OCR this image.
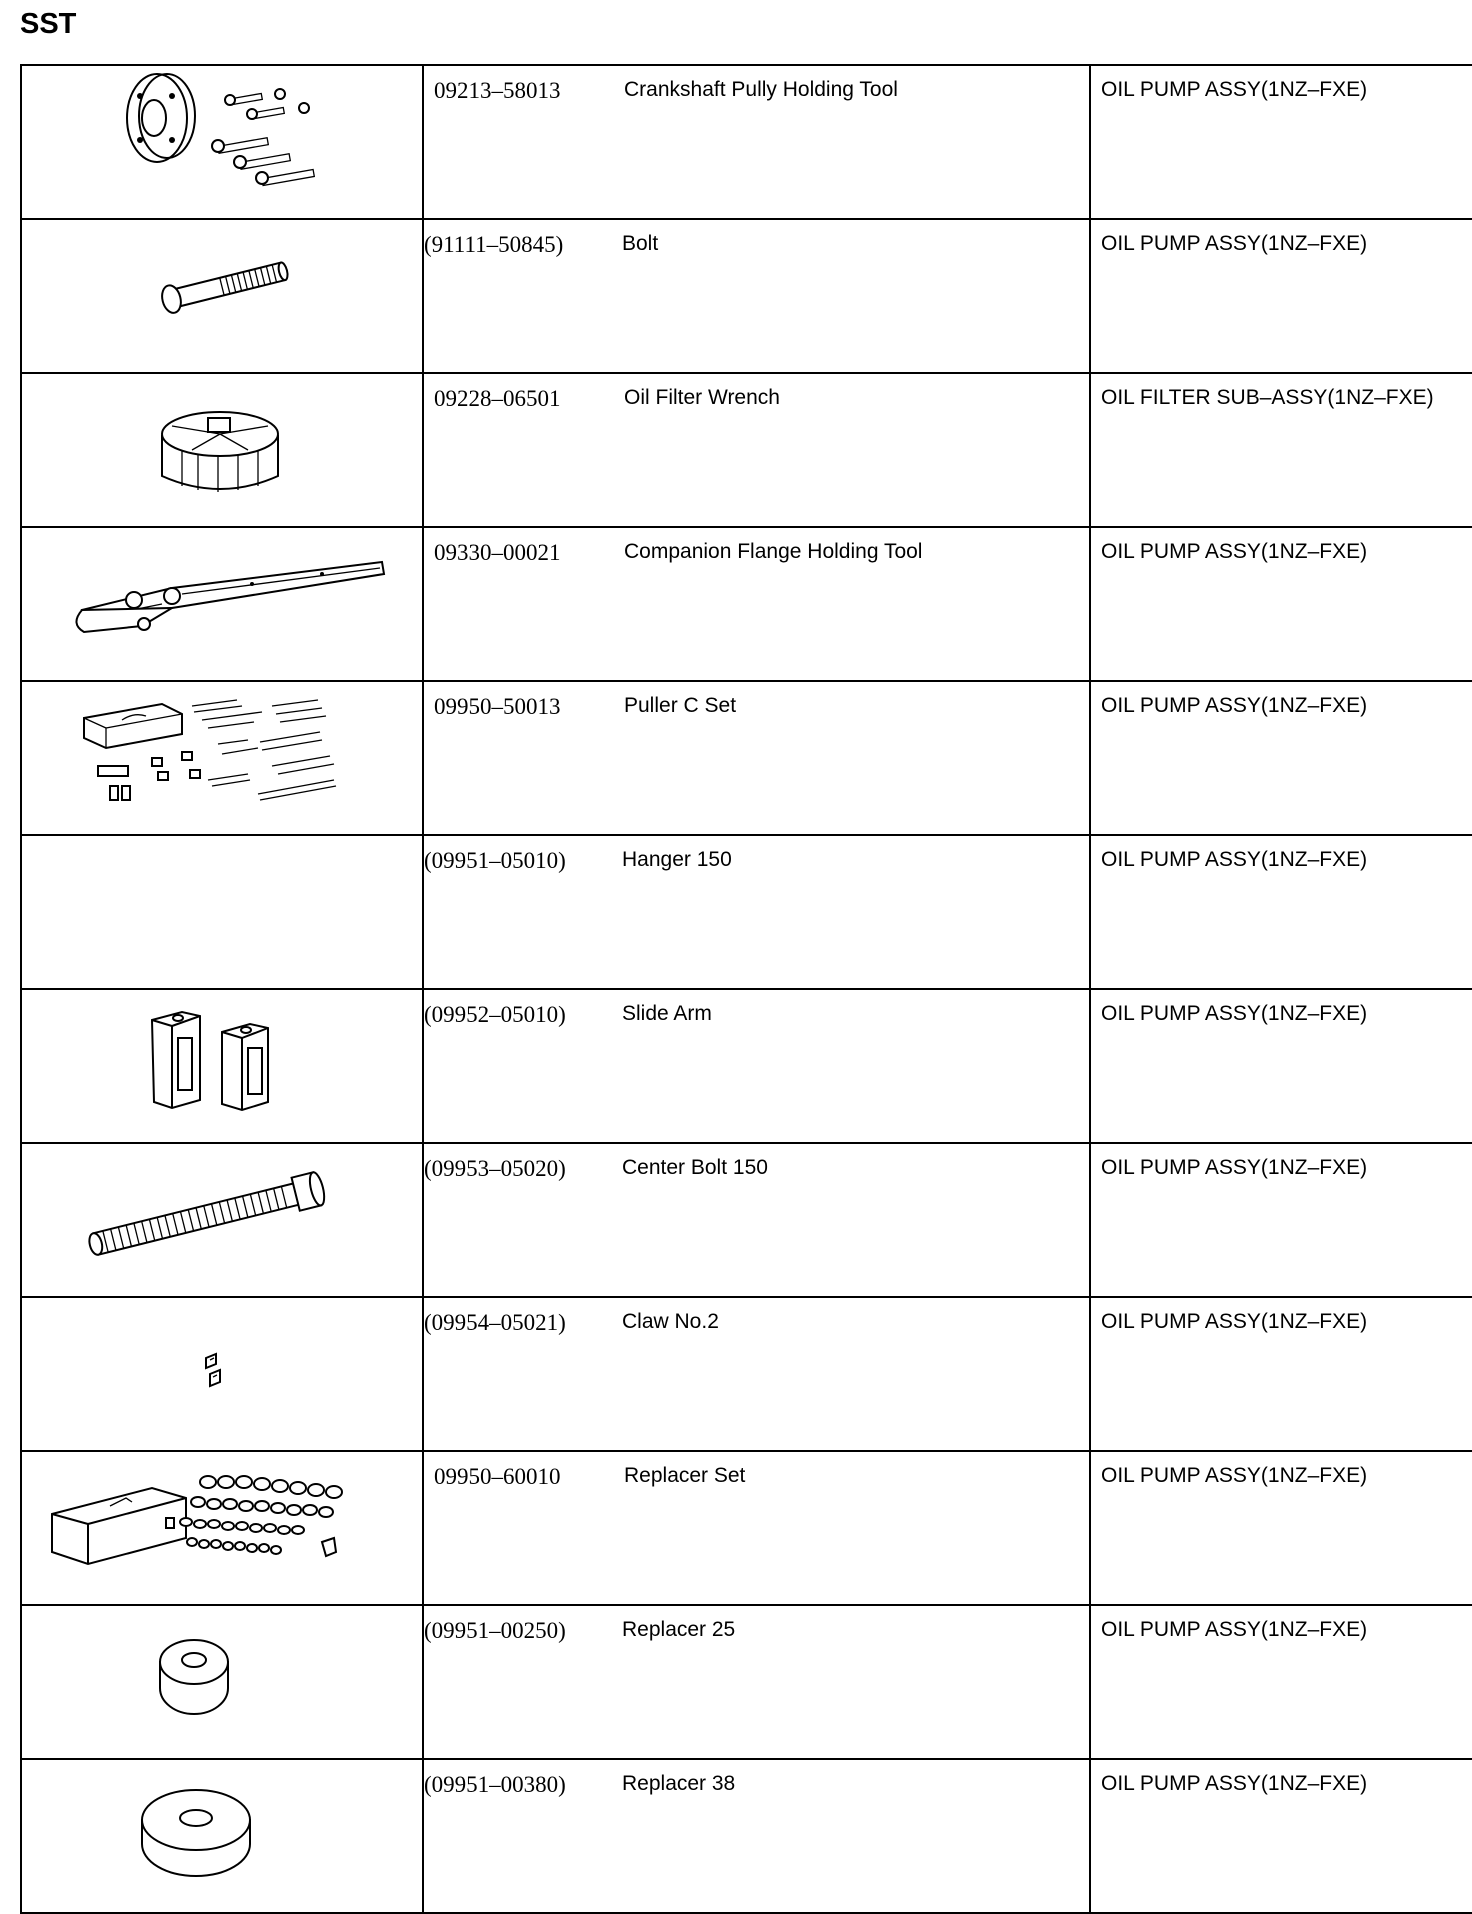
SST

09213–58013 Crankshaft Pully Holding Tool	OIL PUMP ASSY(1NZ–FXE)

(91111–50845) Bolt	OIL PUMP ASSY(1NZ–FXE)

09228–06501 Oil Filter Wrench	OIL FILTER SUB–ASSY(1NZ–FXE)

09330–00021 Companion Flange Holding Tool	OIL PUMP ASSY(1NZ–FXE)

09950–50013 Puller C Set	OIL PUMP ASSY(1NZ–FXE)

	(09951–05010) Hanger 150	OIL PUMP ASSY(1NZ–FXE)

(09952–05010) Slide Arm	OIL PUMP ASSY(1NZ–FXE)

(09953–05020) Center Bolt 150	OIL PUMP ASSY(1NZ–FXE)

(09954–05021) Claw No.2	OIL PUMP ASSY(1NZ–FXE)

09950–60010 Replacer Set	OIL PUMP ASSY(1NZ–FXE)

(09951–00250) Replacer 25	OIL PUMP ASSY(1NZ–FXE)

(09951–00380) Replacer 38	OIL PUMP ASSY(1NZ–FXE)
